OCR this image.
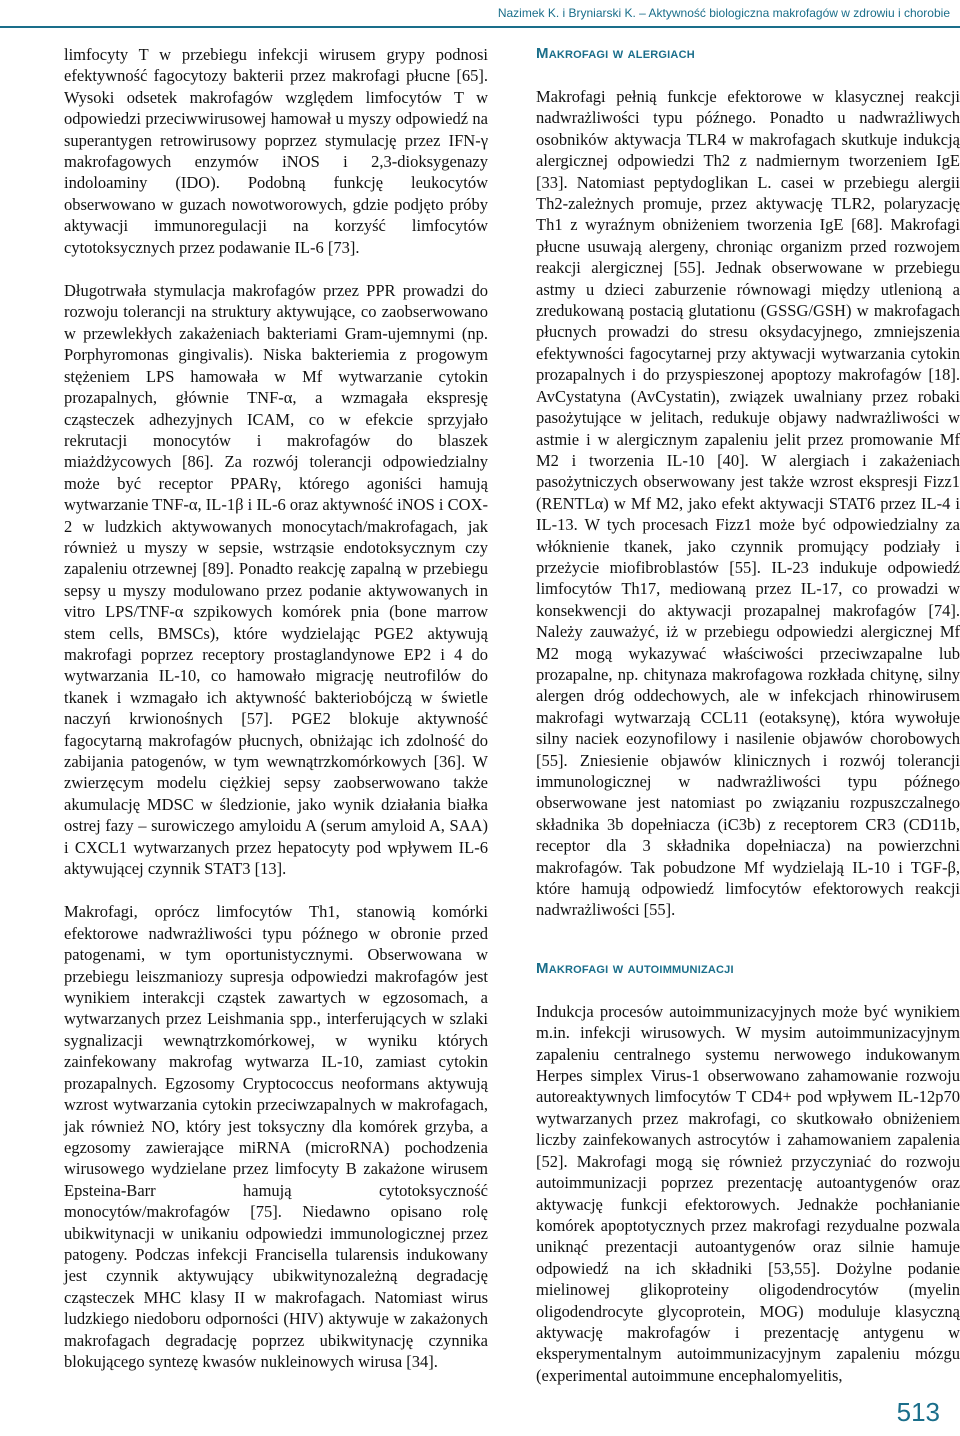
Nazimek K. i Bryniarski K. – Aktywność biologiczna makrofagów w zdrowiu i chorobie

limfocyty T w przebiegu infekcji wirusem grypy podnosi efektywność fagocytozy bakterii przez makrofagi płucne [65]. Wysoki odsetek makrofagów względem limfocytów T w odpowiedzi przeciwwirusowej hamował u myszy odpowiedź na superantygen retrowirusowy poprzez stymulację przez IFN-γ makrofagowych enzymów iNOS i 2,3-dioksygenazy indoloaminy (IDO). Podobną funkcję leukocytów obserwowano w guzach nowotworowych, gdzie podjęto próby aktywacji immunoregulacji na korzyść limfocytów cytotoksycznych przez podawanie IL-6 [73].

Długotrwała stymulacja makrofagów przez PPR prowadzi do rozwoju tolerancji na struktury aktywujące, co zaobserwowano w przewlekłych zakażeniach bakteriami Gram-ujemnymi (np. Porphyromonas gingivalis). Niska bakteriemia z progowym stężeniem LPS hamowała w Mf wytwarzanie cytokin prozapalnych, głównie TNF-α, a wzmagała ekspresję cząsteczek adhezyjnych ICAM, co w efekcie sprzyjało rekrutacji monocytów i makrofagów do blaszek miażdżycowych [86]. Za rozwój tolerancji odpowiedzialny może być receptor PPARγ, którego agoniści hamują wytwarzanie TNF-α, IL-1β i IL-6 oraz aktywność iNOS i COX-2 w ludzkich aktywowanych monocytach/makrofagach, jak również u myszy w sepsie, wstrząsie endotoksycznym czy zapaleniu otrzewnej [89]. Ponadto reakcję zapalną w przebiegu sepsy u myszy modulowano przez podanie aktywowanych in vitro LPS/TNF-α szpikowych komórek pnia (bone marrow stem cells, BMSCs), które wydzielając PGE2 aktywują makrofagi poprzez receptory prostaglandynowe EP2 i 4 do wytwarzania IL-10, co hamowało migrację neutrofilów do tkanek i wzmagało ich aktywność bakteriobójczą w świetle naczyń krwionośnych [57]. PGE2 blokuje aktywność fagocytarną makrofagów płucnych, obniżając ich zdolność do zabijania patogenów, w tym wewnątrzkomórkowych [36]. W zwierzęcym modelu ciężkiej sepsy zaobserwowano także akumulację MDSC w śledzionie, jako wynik działania białka ostrej fazy – surowiczego amyloidu A (serum amyloid A, SAA) i CXCL1 wytwarzanych przez hepatocyty pod wpływem IL-6 aktywującej czynnik STAT3 [13].

Makrofagi, oprócz limfocytów Th1, stanowią komórki efektorowe nadwrażliwości typu późnego w obronie przed patogenami, w tym oportunistycznymi. Obserwowana w przebiegu leiszmaniozy supresja odpowiedzi makrofagów jest wynikiem interakcji cząstek zawartych w egzosomach, a wytwarzanych przez Leishmania spp., interferujących w szlaki sygnalizacji wewnątrzkomórkowej, w wyniku których zainfekowany makrofag wytwarza IL-10, zamiast cytokin prozapalnych. Egzosomy Cryptococcus neoformans aktywują wzrost wytwarzania cytokin przeciwzapalnych w makrofagach, jak również NO, który jest toksyczny dla komórek grzyba, a egzosomy zawierające miRNA (microRNA) pochodzenia wirusowego wydzielane przez limfocyty B zakażone wirusem Epsteina-Barr hamują cytotoksyczność monocytów/makrofagów [75]. Niedawno opisano rolę ubikwitynacji w unikaniu odpowiedzi immunologicznej przez patogeny. Podczas infekcji Francisella tularensis indukowany jest czynnik aktywujący ubikwitynozależną degradację cząsteczek MHC klasy II w makrofagach. Natomiast wirus ludzkiego niedoboru odporności (HIV) aktywuje w zakażonych makrofagach degradację poprzez ubikwitynację czynnika blokującego syntezę kwasów nukleinowych wirusa [34].

Makrofagi w alergiach

Makrofagi pełnią funkcje efektorowe w klasycznej reakcji nadwrażliwości typu późnego. Ponadto u nadwrażliwych osobników aktywacja TLR4 w makrofagach skutkuje indukcją alergicznej odpowiedzi Th2 z nadmiernym tworzeniem IgE [33]. Natomiast peptydoglikan L. casei w przebiegu alergii Th2-zależnych promuje, przez aktywację TLR2, polaryzację Th1 z wyraźnym obniżeniem tworzenia IgE [68]. Makrofagi płucne usuwają alergeny, chroniąc organizm przed rozwojem reakcji alergicznej [55]. Jednak obserwowane w przebiegu astmy u dzieci zaburzenie równowagi między utlenioną a zredukowaną postacią glutationu (GSSG/GSH) w makrofagach płucnych prowadzi do stresu oksydacyjnego, zmniejszenia efektywności fagocytarnej przy aktywacji wytwarzania cytokin prozapalnych i do przyspieszonej apoptozy makrofagów [18]. AvCystatyna (AvCystatin), związek uwalniany przez robaki pasożytujące w jelitach, redukuje objawy nadwrażliwości w astmie i w alergicznym zapaleniu jelit przez promowanie Mf M2 i tworzenia IL-10 [40]. W alergiach i zakażeniach pasożytniczych obserwowany jest także wzrost ekspresji Fizz1 (RENTLα) w Mf M2, jako efekt aktywacji STAT6 przez IL-4 i IL-13. W tych procesach Fizz1 może być odpowiedzialny za włóknienie tkanek, jako czynnik promujący podziały i przeżycie miofibroblastów [55]. IL-23 indukuje odpowiedź limfocytów Th17, mediowaną przez IL-17, co prowadzi w konsekwencji do aktywacji prozapalnej makrofagów [74]. Należy zauważyć, iż w przebiegu odpowiedzi alergicznej Mf M2 mogą wykazywać właściwości przeciwzapalne lub prozapalne, np. chitynaza makrofagowa rozkłada chitynę, silny alergen dróg oddechowych, ale w infekcjach rhinowirusem makrofagi wytwarzają CCL11 (eotaksynę), która wywołuje silny naciek eozynofilowy i nasilenie objawów chorobowych [55]. Zniesienie objawów klinicznych i rozwój tolerancji immunologicznej w nadwrażliwości typu późnego obserwowane jest natomiast po związaniu rozpuszczalnego składnika 3b dopełniacza (iC3b) z receptorem CR3 (CD11b, receptor dla 3 składnika dopełniacza) na powierzchni makrofagów. Tak pobudzone Mf wydzielają IL-10 i TGF-β, które hamują odpowiedź limfocytów efektorowych reakcji nadwrażliwości [55].

Makrofagi w autoimmunizacji

Indukcja procesów autoimmunizacyjnych może być wynikiem m.in. infekcji wirusowych. W mysim autoimmunizacyjnym zapaleniu centralnego systemu nerwowego indukowanym Herpes simplex Virus-1 obserwowano zahamowanie rozwoju autoreaktywnych limfocytów T CD4+ pod wpływem IL-12p70 wytwarzanych przez makrofagi, co skutkowało obniżeniem liczby zainfekowanych astrocytów i zahamowaniem zapalenia [52]. Makrofagi mogą się również przyczyniać do rozwoju autoimmunizacji poprzez prezentację autoantygenów oraz aktywację funkcji efektorowych. Jednakże pochłanianie komórek apoptotycznych przez makrofagi rezydualne pozwala uniknąć prezentacji autoantygenów oraz silnie hamuje odpowiedź na ich składniki [53,55]. Dożylne podanie mielinowej glikoproteiny oligodendrocytów (myelin oligodendrocyte glycoprotein, MOG) moduluje klasyczną aktywację makrofagów i prezentację antygenu w eksperymentalnym autoimmunizacyjnym zapaleniu mózgu (experimental autoimmune encephalomyelitis,

513
